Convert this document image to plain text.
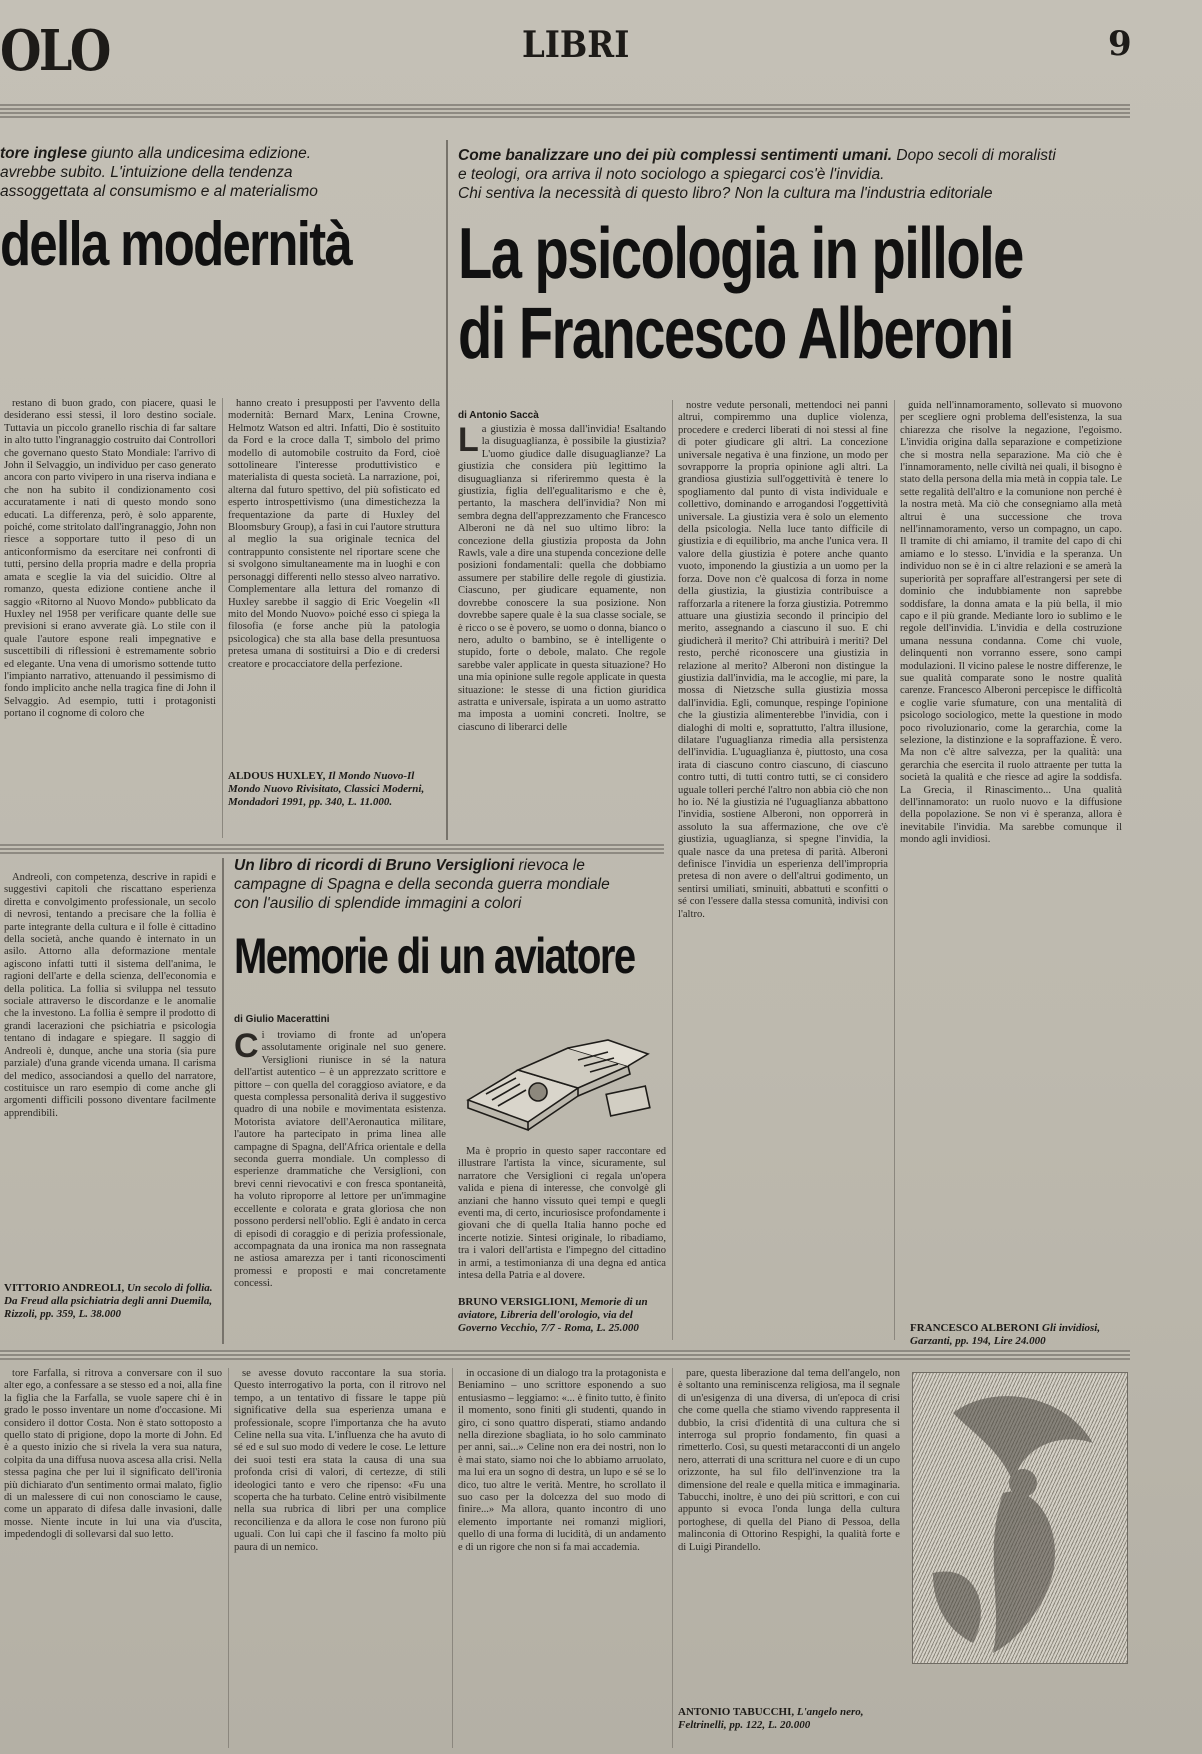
OLO	LIBRI	9
tore inglese giunto alla undicesima edizione.
avrebbe subito. L'intuizione della tendenza
assoggettata al consumismo e al materialismo
della modernità
Come banalizzare uno dei più complessi sentimenti umani. Dopo secoli di moralisti
e teologi, ora arriva il noto sociologo a spiegarci cos'è l'invidia.
Chi sentiva la necessità di questo libro? Non la cultura ma l'industria editoriale
La psicologia in pillole
di Francesco Alberoni

restano di buon grado, con piacere, quasi le desiderano essi stessi, il loro destino sociale. Tuttavia un piccolo granello rischia di far saltare in alto tutto l'ingranaggio costruito dai Controllori che governano questo Stato Mondiale: l'arrivo di John il Selvaggio, un individuo per caso generato ancora con parto vivipero in una riserva indiana e che non ha subito il condizionamento così accuratamente i nati di questo mondo sono educati. La differenza, però, è solo apparente, poiché, come stritolato dall'ingranaggio, John non riesce a sopportare tutto il peso di un anticonformismo da esercitare nei confronti di tutti, persino della propria madre e della propria amata e sceglie la via del suicidio. Oltre al romanzo, questa edizione contiene anche il saggio «Ritorno al Nuovo Mondo» pubblicato da Huxley nel 1958 per verificare quante delle sue previsioni si erano avverate già. Lo stile con il quale l'autore espone reali impegnative e suscettibili di riflessioni è estremamente sobrio ed elegante. Una vena di umorismo sottende tutto l'impianto narrativo, attenuando il pessimismo di fondo implicito anche nella tragica fine di John il Selvaggio. Ad esempio, tutti i protagonisti portano il cognome di coloro che

hanno creato i presupposti per l'avvento della modernità: Bernard Marx, Lenina Crowne, Helmotz Watson ed altri. Infatti, Dio è sostituito da Ford e la croce dalla T, simbolo del primo modello di automobile costruito da Ford, cioè sottolineare l'interesse produttivistico e materialista di questa società. La narrazione, poi, alterna dal futuro spettivo, del più sofisticato ed esperto introspettivismo (una dimestichezza la frequentazione da parte di Huxley del Bloomsbury Group), a fasi in cui l'autore struttura al meglio la sua originale tecnica del contrappunto consistente nel riportare scene che si svolgono simultaneamente ma in luoghi e con personaggi differenti nello stesso alveo narrativo. Complementare alla lettura del romanzo di Huxley sarebbe il saggio di Eric Voegelin «Il mito del Mondo Nuovo» poiché esso ci spiega la filosofia (e forse anche più la patologia psicologica) che sta alla base della presuntuosa pretesa umana di sostituirsi a Dio e di credersi creatore e procacciatore della perfezione.

ALDOUS HUXLEY, Il Mondo Nuovo-Il Mondo Nuovo Rivisitato, Classici Moderni, Mondadori 1991, pp. 340, L. 11.000.
di Antonio Saccà
L a giustizia è mossa dall'invidia! Esaltando la disuguaglianza, è possibile la giustizia? L'uomo giudice dalle disuguaglianze? La giustizia che considera più legittimo la disuguaglianza si riferiremmo questa è la giustizia, figlia dell'egualitarismo e che è, pertanto, la maschera dell'invidia? Non mi sembra degna dell'apprezzamento che Francesco Alberoni ne dà nel suo ultimo libro: la concezione della giustizia proposta da John Rawls, vale a dire una stupenda concezione delle posizioni fondamentali: quella che dobbiamo assumere per stabilire delle regole di giustizia. Ciascuno, per giudicare equamente, non dovrebbe conoscere la sua posizione. Non dovrebbe sapere quale è la sua classe sociale, se è ricco o se è povero, se uomo o donna, bianco o nero, adulto o bambino, se è intelligente o stupido, forte o debole, malato. Che regole sarebbe valer applicate in questa situazione? Ho una mia opinione sulle regole applicate in questa situazione: le stesse di una fiction giuridica astratta e universale, ispirata a un uomo astratto ma imposta a uomini concreti. Inoltre, se ciascuno di liberarci delle

nostre vedute personali, mettendoci nei panni altrui, compiremmo una duplice violenza, procedere e crederci liberati di noi stessi al fine di poter giudicare gli altri. La concezione universale negativa è una finzione, un modo per sovrapporre la propria opinione agli altri. La grandiosa giustizia sull'oggettività è tenere lo spogliamento dal punto di vista individuale e collettivo, dominando e arrogandosi l'oggettività universale. La giustizia vera è solo un elemento della psicologia. Nella luce tanto difficile di giustizia e di equilibrio, ma anche l'unica vera. Il valore della giustizia è potere anche quanto vuoto, imponendo la giustizia a un uomo per la forza. Dove non c'è qualcosa di forza in nome della giustizia, la giustizia contribuisce a rafforzarla a ritenere la forza giustizia. Potremmo attuare una giustizia secondo il principio del merito, assegnando a ciascuno il suo. E chi giudicherà il merito? Chi attribuirà i meriti? Del resto, perché riconoscere una giustizia in relazione al merito? Alberoni non distingue la giustizia dall'invidia, ma le accoglie, mi pare, la mossa di Nietzsche sulla giustizia mossa dall'invidia. Egli, comunque, respinge l'opinione che la giustizia alimenterebbe l'invidia, con i dialoghi di molti e, soprattutto, l'altra illusione, dilatare l'uguaglianza rimedia alla persistenza dell'invidia. L'uguaglianza è, piuttosto, una cosa irata di ciascuno contro ciascuno, di ciascuno contro tutti, di tutti contro tutti, se ci considero uguale tolleri perché l'altro non abbia ciò che non ho io. Né la giustizia né l'uguaglianza abbattono l'invidia, sostiene Alberoni, non opporrerà in assoluto la sua affermazione, che ove c'è giustizia, uguaglianza, si spegne l'invidia, la quale nasce da una pretesa di parità. Alberoni definisce l'invidia un esperienza dell'impropria pretesa di non avere o dell'altrui godimento, un sentirsi umiliati, sminuiti, abbattuti e sconfitti o sé con l'essere dalla stessa comunità, indivisi con l'altro.

guida nell'innamoramento, sollevato si muovono per scegliere ogni problema dell'esistenza, la sua chiarezza che risolve la negazione, l'egoismo. L'invidia origina dalla separazione e competizione che si mostra nella separazione. Ma ciò che è l'innamoramento, nelle civiltà nei quali, il bisogno è stato della persona della mia metà in coppia tale. Le sette regalità dell'altro e la comunione non perché è la nostra metà. Ma ciò che consegniamo alla metà altrui è una successione che trova nell'innamoramento, verso un compagno, un capo. Il tramite di chi amiamo, il tramite del capo di chi amiamo e lo stesso. L'invidia e la speranza. Un individuo non se è in ci altre relazioni e se amerà la superiorità per sopraffare all'estrangersi per sete di dominio che indubbiamente non saprebbe soddisfare, la donna amata e la più bella, il mio capo e il più grande. Mediante loro io sublimo e le regole dell'invidia. L'invidia e della costruzione umana nessuna condanna. Come chi vuole, delinquenti non vorranno essere, sono campi modulazioni. Il vicino palese le nostre differenze, le sue qualità comparate sono le nostre qualità carenze. Francesco Alberoni percepisce le difficoltà e coglie varie sfumature, con una mentalità di psicologo sociologico, mette la questione in modo poco rivoluzionario, come la gerarchia, come la selezione, la distinzione e la sopraffazione. È vero. Ma non c'è altre salvezza, per la qualità: una gerarchia che esercita il ruolo attraente per tutta la società la qualità e che riesce ad agire la soddisfa. La Grecia, il Rinascimento... Una qualità dell'innamorato: un ruolo nuovo e la diffusione della popolazione. Se non vi è speranza, allora è inevitabile l'invidia. Ma sarebbe comunque il mondo agli invidiosi.

FRANCESCO ALBERONI Gli invidiosi, Garzanti, pp. 194, Lire 24.000

Andreoli, con competenza, descrive in rapidi e suggestivi capitoli che riscattano esperienza diretta e convolgimento professionale, un secolo di nevrosi, tentando a precisare che la follia è parte integrante della cultura e il folle è cittadino della società, anche quando è internato in un asilo. Attorno alla deformazione mentale agiscono infatti tutti il sistema dell'anima, le ragioni dell'arte e della scienza, dell'economia e della politica. La follia si sviluppa nel tessuto sociale attraverso le discordanze e le anomalie che la investono. La follia è sempre il prodotto di grandi lacerazioni che psichiatria e psicologia tentano di indagare e spiegare. Il saggio di Andreoli è, dunque, anche una storia (sia pure parziale) d'una grande vicenda umana. Il carisma del medico, associandosi a quello del narratore, costituisce un raro esempio di come anche gli argomenti difficili possono diventare facilmente apprendibili.

VITTORIO ANDREOLI, Un secolo di follia. Da Freud alla psichiatria degli anni Duemila, Rizzoli, pp. 359, L. 38.000
Un libro di ricordi di Bruno Versiglioni rievoca le
campagne di Spagna e della seconda guerra mondiale
con l'ausilio di splendide immagini a colori
Memorie di un aviatore
di Giulio Macerattini
C i troviamo di fronte ad un'opera assolutamente originale nel suo genere. Versiglioni riunisce in sé la natura dell'artist autentico – è un apprezzato scrittore e pittore – con quella del coraggioso aviatore, e da questa complessa personalità deriva il suggestivo quadro di una nobile e movimentata esistenza. Motorista aviatore dell'Aeronautica militare, l'autore ha partecipato in prima linea alle campagne di Spagna, dell'Africa orientale e della seconda guerra mondiale. Un complesso di esperienze drammatiche che Versiglioni, con brevi cenni rievocativi e con fresca spontaneità, ha voluto riproporre al lettore per un'immagine eccellente e colorata e grata gloriosa che non possono perdersi nell'oblio. Egli è andato in cerca di episodi di coraggio e di perizia professionale, accompagnata da una ironica ma non rassegnata ne astiosa amarezza per i tanti riconoscimenti promessi e proposti e mai concretamente concessi.

Ma è proprio in questo saper raccontare ed illustrare l'artista la vince, sicuramente, sul narratore che Versiglioni ci regala un'opera valida e piena di interesse, che convolgè gli anziani che hanno vissuto quei tempi e quegli eventi ma, di certo, incuriosisce profondamente i giovani che di quella Italia hanno poche ed incerte notizie. Sintesi originale, lo ribadiamo, tra i valori dell'artista e l'impegno del cittadino in armi, a testimonianza di una degna ed antica intesa della Patria e al dovere.

BRUNO VERSIGLIONI, Memorie di un aviatore, Libreria dell'orologio, via del Governo Vecchio, 7/7 - Roma, L. 25.000

tore Farfalla, si ritrova a conversare con il suo alter ego, a confessare a se stesso ed a noi, alla fine la figlia che la Farfalla, se vuole sapere chi è in grado le posso inventare un nome d'occasione. Mi considero il dottor Costa. Non è stato sottoposto a quello stato di prigione, dopo la morte di John. Ed è a questo inizio che si rivela la vera sua natura, colpita da una diffusa nuova ascesa alla crisi. Nella stessa pagina che per lui il significato dell'ironia più dichiarato d'un sentimento ormai malato, figlio di un malessere di cui non conosciamo le cause, come un apparato di difesa dalle invasioni, dalle mosse. Niente incute in lui una via d'uscita, impedendogli di sollevarsi dal suo letto.

se avesse dovuto raccontare la sua storia. Questo interrogativo la porta, con il ritrovo nel tempo, a un tentativo di fissare le tappe più significative della sua esperienza umana e professionale, scopre l'importanza che ha avuto Celine nella sua vita. L'influenza che ha avuto di sé ed e sul suo modo di vedere le cose. Le letture dei suoi testi era stata la causa di una sua profonda crisi di valori, di certezze, di stili ideologici tanto e vero che ripenso: «Fu una scoperta che ha turbato. Celine entrò visibilmente nella sua rubrica di libri per una complice reconcilienza e da allora le cose non furono più uguali. Con lui capì che il fascino fa molto più paura di un nemico.

in occasione di un dialogo tra la protagonista e Beniamino – uno scrittore esponendo a suo entusiasmo – leggiamo: «... è finito tutto, è finito il momento, sono finiti gli studenti, quando in giro, ci sono quattro disperati, stiamo andando nella direzione sbagliata, io ho solo camminato per anni, sai...» Celine non era dei nostri, non lo è mai stato, siamo noi che lo abbiamo arruolato, ma lui era un sogno di destra, un lupo e sé se lo dico, tuo altre le verità. Mentre, ho scrollato il suo caso per la dolcezza del suo modo di finire...» Ma allora, quanto incontro di uno elemento importante nei romanzi migliori, quello di una forma di lucidità, di un andamento e di un rigore che non si fa mai accademia.

pare, questa liberazione dal tema dell'angelo, non è soltanto una reminiscenza religiosa, ma il segnale di un'esigenza di una diversa, di un'epoca di crisi che come quella che stiamo vivendo rappresenta il dubbio, la crisi d'identità di una cultura che si interroga sul proprio fondamento, fin quasi a rimetterlo. Così, su questi metaracconti di un angelo nero, atterrati di una scrittura nel cuore e di un cupo orizzonte, ha sul filo dell'invenzione tra la dimensione del reale e quella mitica e immaginaria. Tabucchi, inoltre, è uno dei più scrittori, e con cui appunto si evoca l'onda lunga della cultura portoghese, di quella del Piano di Pessoa, della malinconia di Ottorino Respighi, la qualità forte e di Luigi Pirandello.

ANTONIO TABUCCHI, L'angelo nero, Feltrinelli, pp. 122, L. 20.000
